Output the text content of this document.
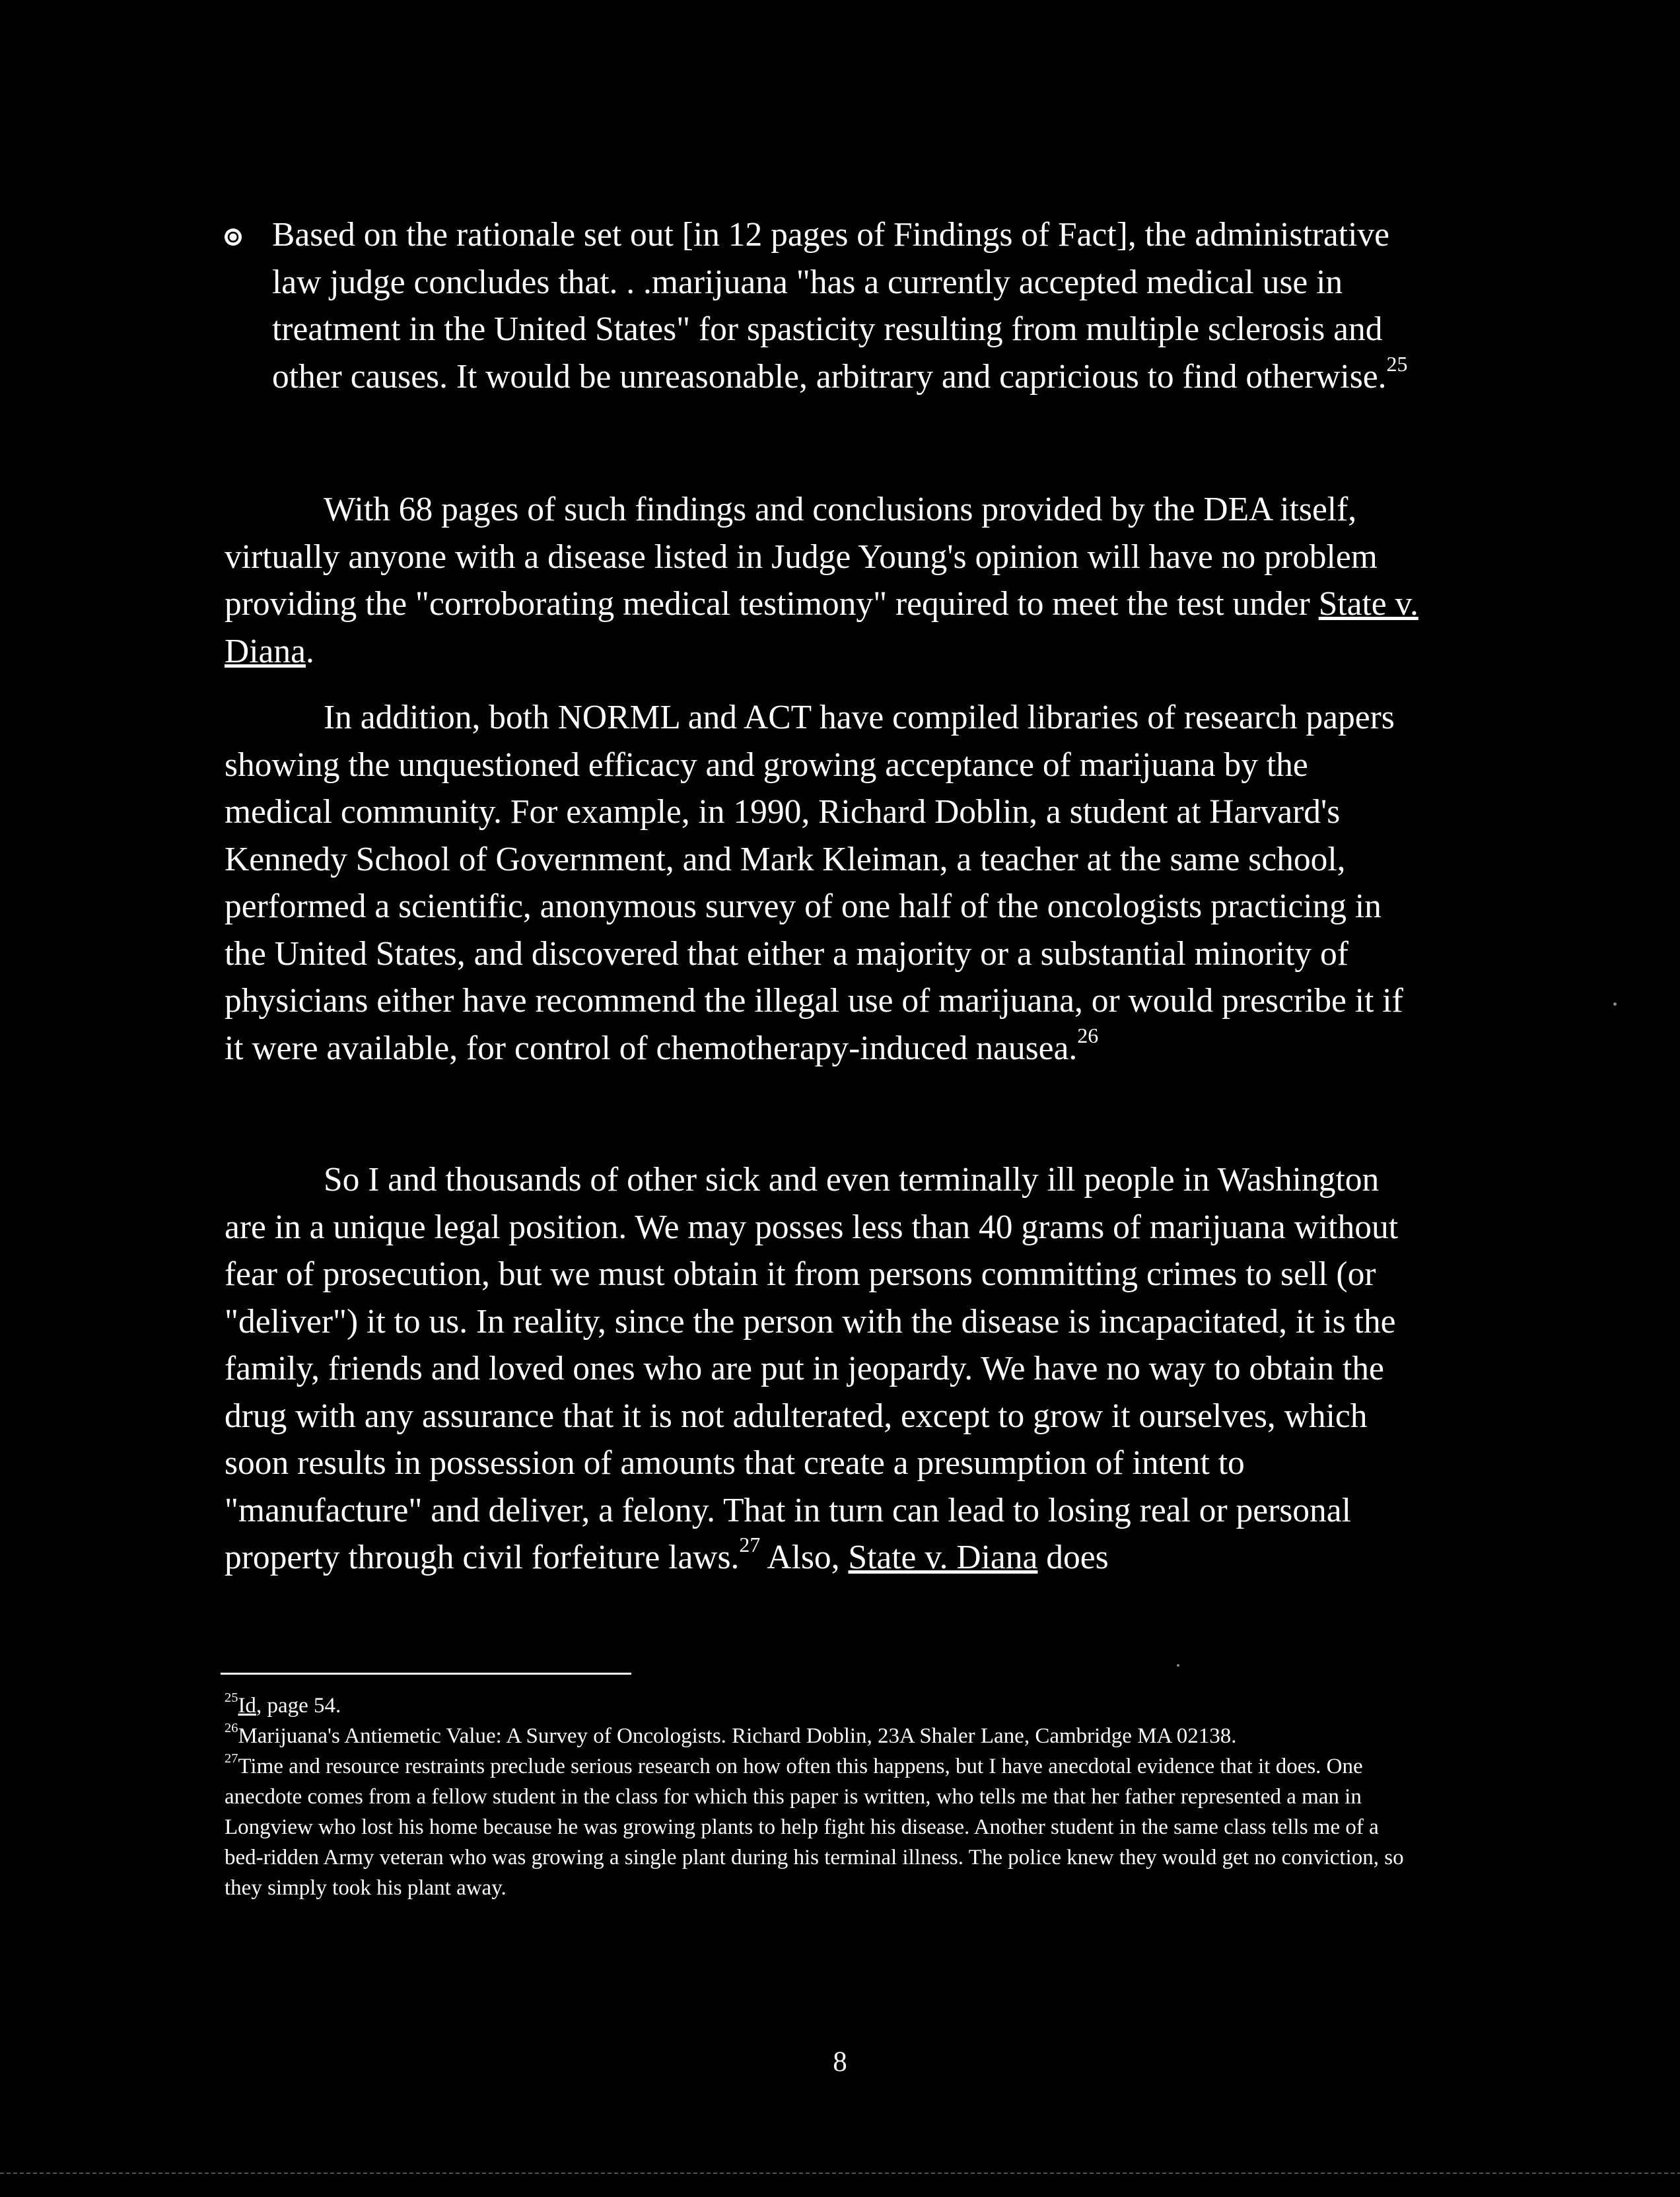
Based on the rationale set out [in 12 pages of Findings of Fact], the administrative law judge concludes that. . .marijuana "has a currently accepted medical use in treatment in the United States" for spasticity resulting from multiple sclerosis and other causes. It would be unreasonable, arbitrary and capricious to find otherwise.$^{25}$

With 68 pages of such findings and conclusions provided by the DEA itself, virtually anyone with a disease listed in Judge Young's opinion will have no problem providing the "corroborating medical testimony" required to meet the test under State v. Diana.

In addition, both NORML and ACT have compiled libraries of research papers showing the unquestioned efficacy and growing acceptance of marijuana by the medical community. For example, in 1990, Richard Doblin, a student at Harvard's Kennedy School of Government, and Mark Kleiman, a teacher at the same school, performed a scientific, anonymous survey of one half of the oncologists practicing in the United States, and discovered that either a majority or a substantial minority of physicians either have recommend the illegal use of marijuana, or would prescribe it if it were available, for control of chemotherapy-induced nausea.$^{26}$

So I and thousands of other sick and even terminally ill people in Washington are in a unique legal position. We may posses less than 40 grams of marijuana without fear of prosecution, but we must obtain it from persons committing crimes to sell (or "deliver") it to us. In reality, since the person with the disease is incapacitated, it is the family, friends and loved ones who are put in jeopardy. We have no way to obtain the drug with any assurance that it is not adulterated, except to grow it ourselves, which soon results in possession of amounts that create a presumption of intent to "manufacture" and deliver, a felony. That in turn can lead to losing real or personal property through civil forfeiture laws.$^{27}$ Also, State v. Diana does

$^{25}$Id, page 54.

$^{26}$Marijuana's Antiemetic Value: A Survey of Oncologists. Richard Doblin, 23A Shaler Lane, Cambridge MA 02138.

$^{27}$Time and resource restraints preclude serious research on how often this happens, but I have anecdotal evidence that it does. One anecdote comes from a fellow student in the class for which this paper is written, who tells me that her father represented a man in Longview who lost his home because he was growing plants to help fight his disease. Another student in the same class tells me of a bed-ridden Army veteran who was growing a single plant during his terminal illness. The police knew they would get no conviction, so they simply took his plant away.

8
